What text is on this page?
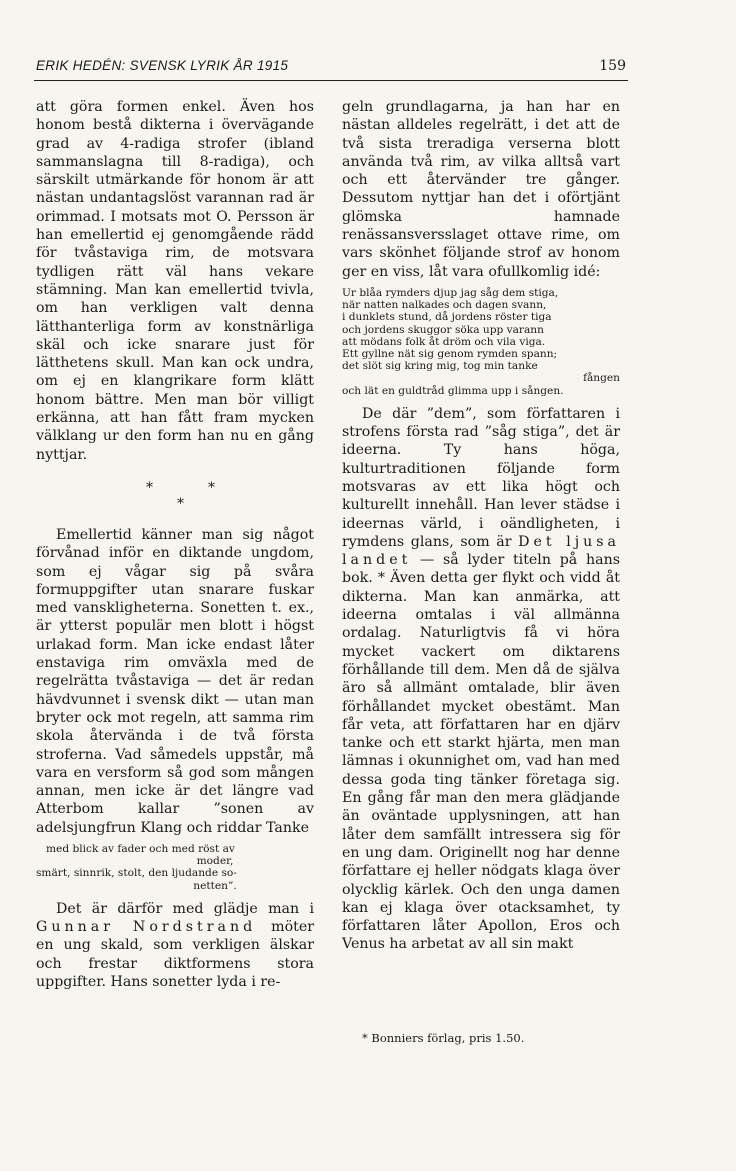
ERIK HEDÉN: SVENSK LYRIK ÅR 1915	159

att göra formen enkel. Även hos honom bestå dikterna i övervägande grad av 4-radiga strofer (ibland sammanslagna till 8-radiga), och särskilt utmärkande för honom är att nästan undantagslöst varannan rad är orimmad. I motsats mot O. Persson är han emellertid ej genomgående rädd för tvåstaviga rim, de motsvara tydligen rätt väl hans vekare stämning. Man kan emellertid tvivla, om han verkligen valt denna lätthanterliga form av konstnärliga skäl och icke snarare just för lätthetens skull. Man kan ock undra, om ej en klangrikare form klätt honom bättre. Men man bör villigt erkänna, att han fått fram mycken välklang ur den form han nu en gång nyttjar.

*	*
*

Emellertid känner man sig något förvånad inför en diktande ungdom, som ej vågar sig på svåra formuppgifter utan snarare fuskar med vanskligheterna. Sonetten t. ex., är ytterst populär men blott i högst urlakad form. Man icke endast låter enstaviga rim omväxla med de regelrätta tvåstaviga — det är redan hävdvunnet i svensk dikt — utan man bryter ock mot regeln, att samma rim skola återvända i de två första stroferna. Vad såmedels uppstår, må vara en versform så god som mången annan, men icke är det längre vad Atterbom kallar ”sonen av adelsjungfrun Klang och riddar Tanke

med blick av fader och med röst av
moder,
smärt, sinnrik, stolt, den ljudande so-
netten”.

Det är därför med glädje man i Gunnar Nordstrand möter en ung skald, som verkligen älskar och frestar diktformens stora uppgifter. Hans sonetter lyda i re-

geln grundlagarna, ja han har en nästan alldeles regelrätt, i det att de två sista treradiga verserna blott använda två rim, av vilka alltså vart och ett återvänder tre gånger. Dessutom nyttjar han det i oförtjänt glömska hamnade renässansversslaget ottave rime, om vars skönhet följande strof av honom ger en viss, låt vara ofullkomlig idé:

Ur blåa rymders djup jag såg dem stiga,
när natten nalkades och dagen svann,
i dunklets stund, då jordens röster tiga
och jordens skuggor söka upp varann
att mödans folk åt dröm och vila viga.
Ett gyllne nät sig genom rymden spann;
det slöt sig kring mig, tog min tanke
fången
och lät en guldtråd glimma upp i sången.

De där ”dem”, som författaren i strofens första rad ”såg stiga”, det är ideerna. Ty hans höga, kulturtraditionen följande form motsvaras av ett lika högt och kulturellt innehåll. Han lever städse i ideernas värld, i oändligheten, i rymdens glans, som är Det ljusa landet — så lyder titeln på hans bok. * Även detta ger flykt och vidd åt dikterna. Man kan anmärka, att ideerna omtalas i väl allmänna ordalag. Naturligtvis få vi höra mycket vackert om diktarens förhållande till dem. Men då de själva äro så allmänt omtalade, blir även förhållandet mycket obestämt. Man får veta, att författaren har en djärv tanke och ett starkt hjärta, men man lämnas i okunnighet om, vad han med dessa goda ting tänker företaga sig. En gång får man den mera glädjande än oväntade upplysningen, att han låter dem samfällt intressera sig för en ung dam. Originellt nog har denne författare ej heller nödgats klaga över olycklig kärlek. Och den unga damen kan ej klaga över otacksamhet, ty författaren låter Apollon, Eros och Venus ha arbetat av all sin makt

* Bonniers förlag, pris 1.50.
